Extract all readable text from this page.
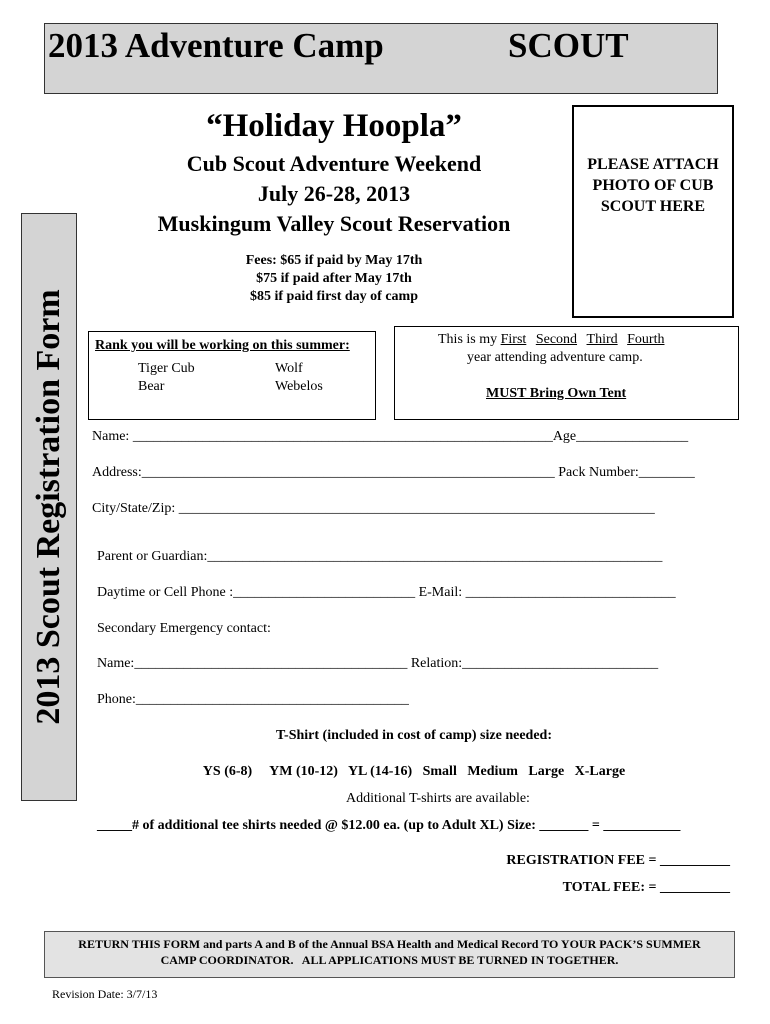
2013 Adventure Camp	SCOUT
2013 Scout Registration Form
“Holiday Hoopla”
Cub Scout Adventure Weekend
July 26-28, 2013
Muskingum Valley Scout Reservation
Fees: $65 if paid by May 17th
$75 if paid after May 17th
$85 if paid first day of camp
PLEASE ATTACH
PHOTO OF CUB
SCOUT HERE
Rank you will be working on this summer:
Tiger Cub	Wolf
Bear	Webelos
This is my First Second Third Fourth
year attending adventure camp.
MUST Bring Own Tent
Name: ____________________________________________________________Age________________
Address:___________________________________________________________ Pack Number:________
City/State/Zip: ____________________________________________________________________
Parent or Guardian:_________________________________________________________________
Daytime or Cell Phone :__________________________ E-Mail: ______________________________
Secondary Emergency contact:
Name:_______________________________________ Relation:____________________________
Phone:_______________________________________
T-Shirt (included in cost of camp) size needed:
YS (6-8)     YM (10-12)   YL (14-16)   Small   Medium   Large   X-Large
Additional T-shirts are available:
_____# of additional tee shirts needed @ $12.00 ea. (up to Adult XL) Size: _______ = ___________
REGISTRATION FEE = __________
TOTAL FEE: = __________
RETURN THIS FORM and parts A and B of the Annual BSA Health and Medical Record TO YOUR PACK’S SUMMER
CAMP COORDINATOR.   ALL APPLICATIONS MUST BE TURNED IN TOGETHER.
Revision Date: 3/7/13
